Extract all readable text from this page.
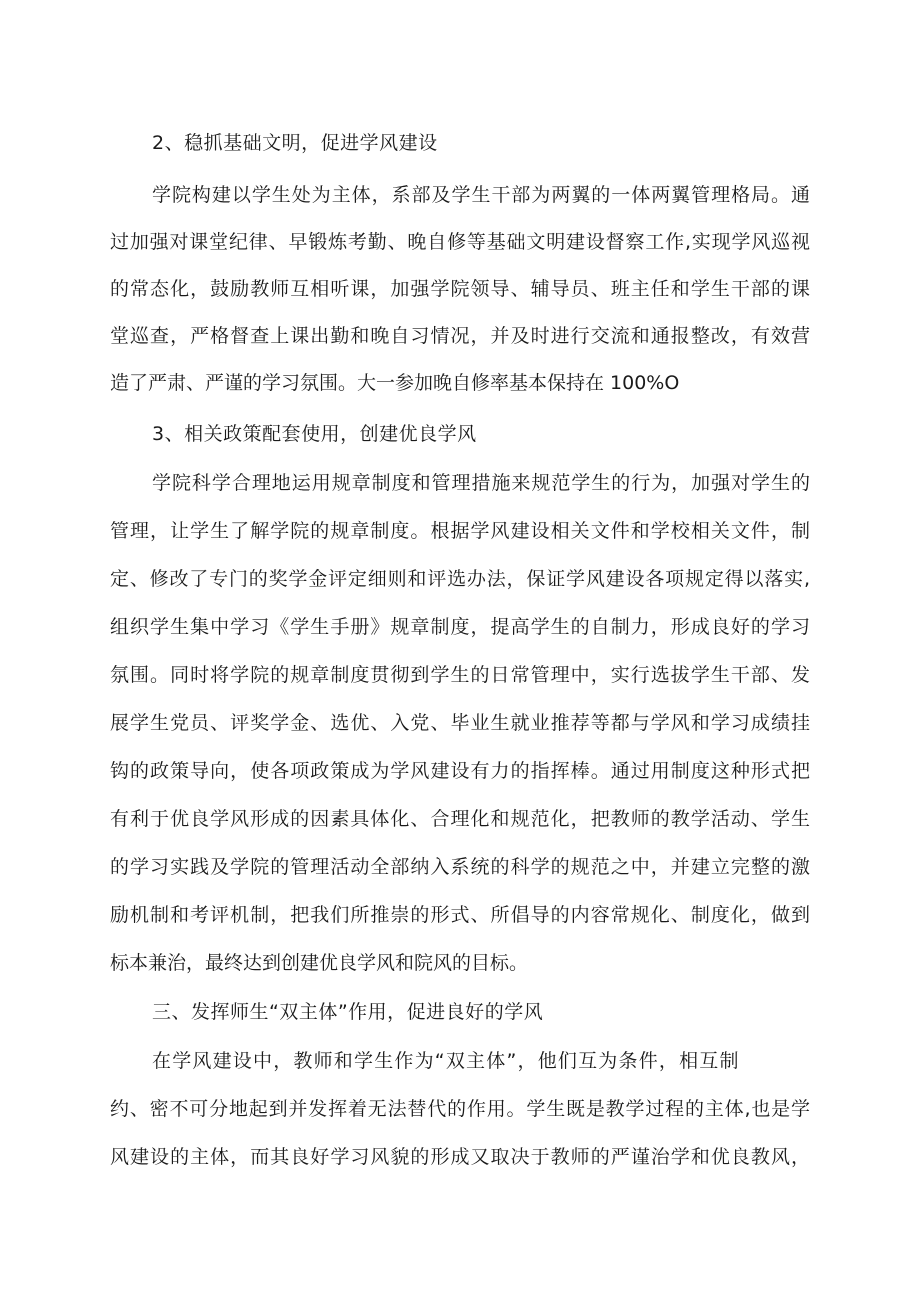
2、稳抓基础文明，促进学风建设
学院构建以学生处为主体，系部及学生干部为两翼的一体两翼管理格局。通
过加强对课堂纪律、早锻炼考勤、晚自修等基础文明建设督察工作,实现学风巡视
的常态化，鼓励教师互相听课，加强学院领导、辅导员、班主任和学生干部的课
堂巡查，严格督查上课出勤和晚自习情况，并及时进行交流和通报整改，有效营
造了严肃、严谨的学习氛围。大一参加晚自修率基本保持在 100%O
3、相关政策配套使用，创建优良学风
学院科学合理地运用规章制度和管理措施来规范学生的行为，加强对学生的
管理，让学生了解学院的规章制度。根据学风建设相关文件和学校相关文件，制
定、修改了专门的奖学金评定细则和评选办法，保证学风建设各项规定得以落实,
组织学生集中学习《学生手册》规章制度，提高学生的自制力，形成良好的学习
氛围。同时将学院的规章制度贯彻到学生的日常管理中，实行选拔学生干部、发
展学生党员、评奖学金、选优、入党、毕业生就业推荐等都与学风和学习成绩挂
钩的政策导向，使各项政策成为学风建设有力的指挥棒。通过用制度这种形式把
有利于优良学风形成的因素具体化、合理化和规范化，把教师的教学活动、学生
的学习实践及学院的管理活动全部纳入系统的科学的规范之中，并建立完整的激
励机制和考评机制，把我们所推崇的形式、所倡导的内容常规化、制度化，做到
标本兼治，最终达到创建优良学风和院风的目标。
三、发挥师生“双主体”作用，促进良好的学风
在学风建设中，教师和学生作为“双主体”，他们互为条件，相互制
约、密不可分地起到并发挥着无法替代的作用。学生既是教学过程的主体,也是学
风建设的主体，而其良好学习风貌的形成又取决于教师的严谨治学和优良教风，
